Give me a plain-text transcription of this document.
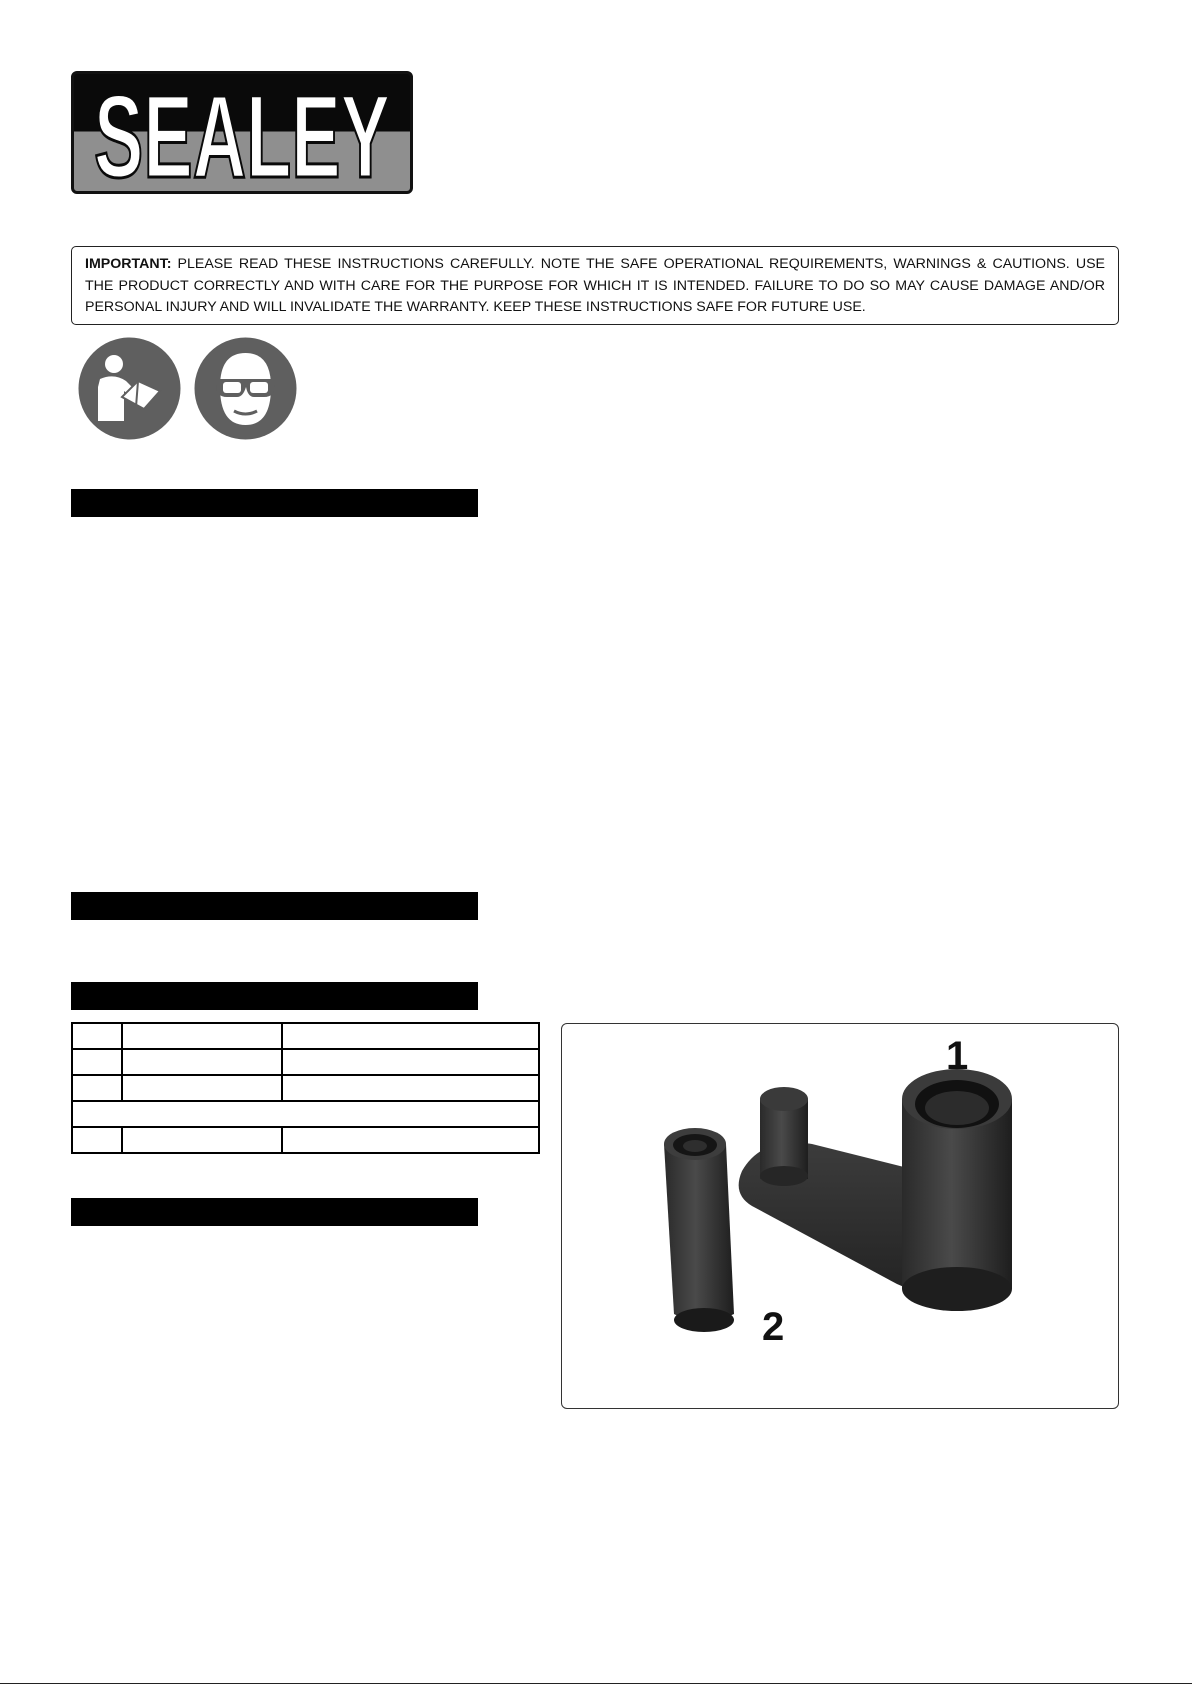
SEALEY
IMPORTANT: PLEASE READ THESE INSTRUCTIONS CAREFULLY. NOTE THE SAFE OPERATIONAL REQUIREMENTS, WARNINGS & CAUTIONS. USE THE PRODUCT CORRECTLY AND WITH CARE FOR THE PURPOSE FOR WHICH IT IS INTENDED. FAILURE TO DO SO MAY CAUSE DAMAGE AND/OR PERSONAL INJURY AND WILL INVALIDATE THE WARRANTY. KEEP THESE INSTRUCTIONS SAFE FOR FUTURE USE.

1
2
